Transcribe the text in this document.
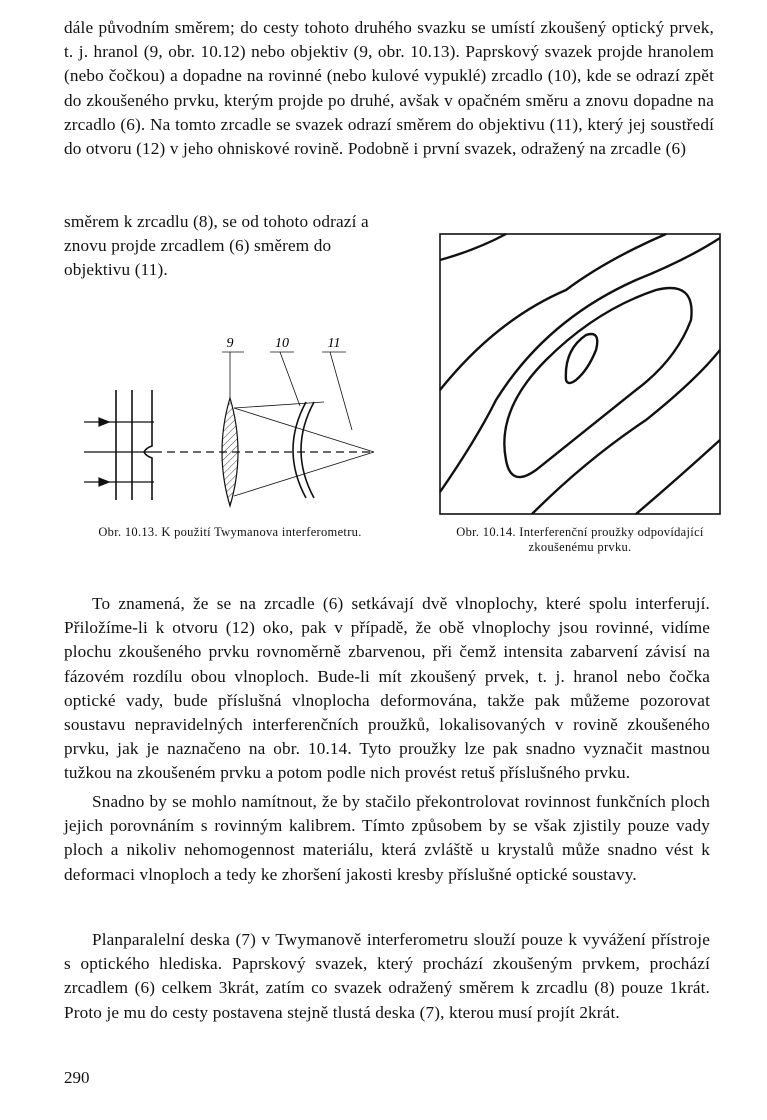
dále původním směrem; do cesty tohoto druhého svazku se umístí zkoušený optický prvek, t. j. hranol (9, obr. 10.12) nebo objektiv (9, obr. 10.13). Paprskový svazek projde hranolem (nebo čočkou) a dopadne na rovinné (nebo kulové vypuklé) zrcadlo (10), kde se odrazí zpět do zkoušeného prvku, kterým projde po druhé, avšak v opačném směru a znovu dopadne na zrcadlo (6). Na tomto zrcadle se svazek odrazí směrem do objektivu (11), který jej soustředí do otvoru (12) v jeho ohniskové rovině. Podobně i první svazek, odražený na zrcadle (6)

směrem k zrcadlu (8), se od tohoto odrazí a znovu projde zrcadlem (6) směrem do objektivu (11).

9	10	11
Obr. 10.13. K použití Twymanova interferometru.	Obr. 10.14. Interferenční proužky odpovídající zkoušenému prvku.

To znamená, že se na zrcadle (6) setkávají dvě vlnoplochy, které spolu interferují. Přiložíme-li k otvoru (12) oko, pak v případě, že obě vlnoplochy jsou rovinné, vidíme plochu zkoušeného prvku rovnoměrně zbarvenou, při čemž intensita zabarvení závisí na fázovém rozdílu obou vlnoploch. Bude-li mít zkoušený prvek, t. j. hranol nebo čočka optické vady, bude příslušná vlnoplocha deformována, takže pak můžeme pozorovat soustavu nepravidelných interferenčních proužků, lokalisovaných v rovině zkoušeného prvku, jak je naznačeno na obr. 10.14. Tyto proužky lze pak snadno vyznačit mastnou tužkou na zkoušeném prvku a potom podle nich provést retuš příslušného prvku.

Snadno by se mohlo namítnout, že by stačilo překontrolovat rovinnost funkčních ploch jejich porovnáním s rovinným kalibrem. Tímto způsobem by se však zjistily pouze vady ploch a nikoliv nehomogennost materiálu, která zvláště u krystalů může snadno vést k deformaci vlnoploch a tedy ke zhoršení jakosti kresby příslušné optické soustavy.

Planparalelní deska (7) v Twymanově interferometru slouží pouze k vyvážení přístroje s optického hlediska. Paprskový svazek, který prochází zkoušeným prvkem, prochází zrcadlem (6) celkem 3krát, zatím co svazek odražený směrem k zrcadlu (8) pouze 1krát. Proto je mu do cesty postavena stejně tlustá deska (7), kterou musí projít 2krát.

290
